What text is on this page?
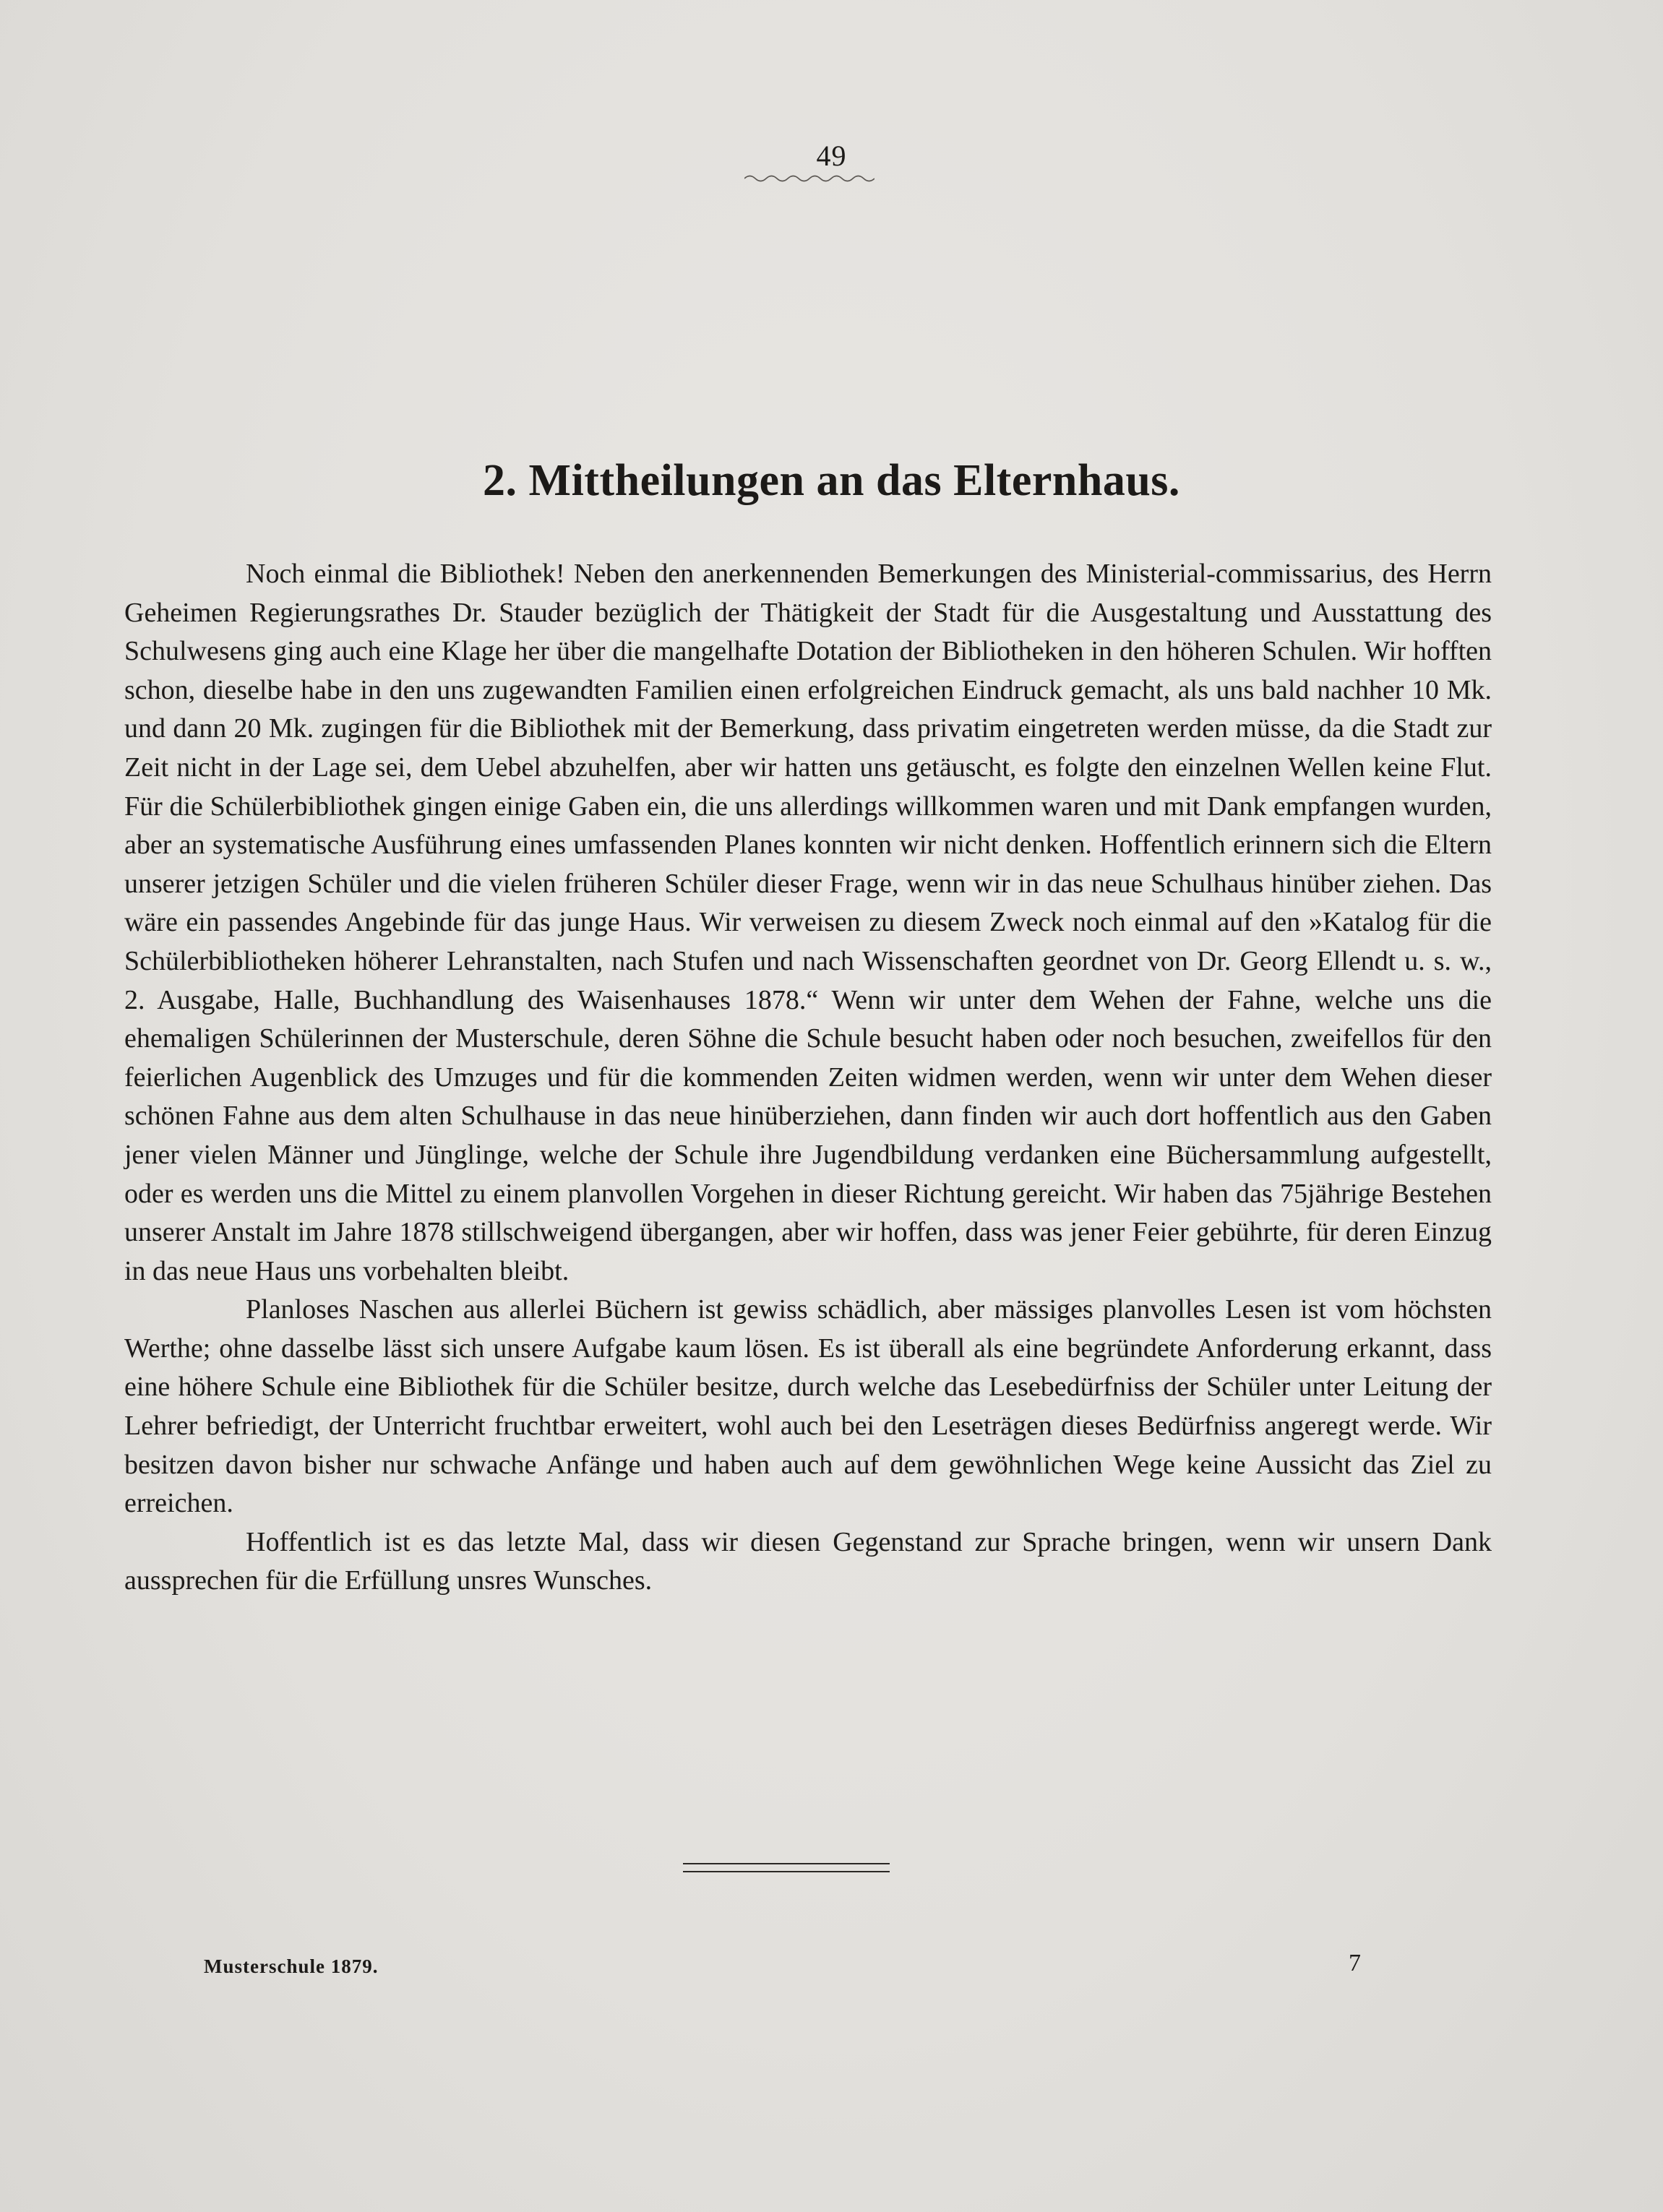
49
2. Mittheilungen an das Elternhaus.

Noch einmal die Bibliothek! Neben den anerkennenden Bemerkungen des Ministerial-commissarius, des Herrn Geheimen Regierungsrathes Dr. Stauder bezüglich der Thätigkeit der Stadt für die Ausgestaltung und Ausstattung des Schulwesens ging auch eine Klage her über die mangelhafte Dotation der Bibliotheken in den höheren Schulen. Wir hofften schon, dieselbe habe in den uns zugewandten Familien einen erfolgreichen Eindruck gemacht, als uns bald nachher 10 Mk. und dann 20 Mk. zugingen für die Bibliothek mit der Bemerkung, dass privatim eingetreten werden müsse, da die Stadt zur Zeit nicht in der Lage sei, dem Uebel abzuhelfen, aber wir hatten uns getäuscht, es folgte den einzelnen Wellen keine Flut. Für die Schülerbibliothek gingen einige Gaben ein, die uns allerdings willkommen waren und mit Dank empfangen wurden, aber an systematische Ausführung eines umfassenden Planes konnten wir nicht denken. Hoffentlich erinnern sich die Eltern unserer jetzigen Schüler und die vielen früheren Schüler dieser Frage, wenn wir in das neue Schulhaus hinüber ziehen. Das wäre ein passendes Angebinde für das junge Haus. Wir verweisen zu diesem Zweck noch einmal auf den »Katalog für die Schülerbibliotheken höherer Lehranstalten, nach Stufen und nach Wissenschaften geordnet von Dr. Georg Ellendt u. s. w., 2. Ausgabe, Halle, Buchhandlung des Waisenhauses 1878.“ Wenn wir unter dem Wehen der Fahne, welche uns die ehemaligen Schülerinnen der Musterschule, deren Söhne die Schule besucht haben oder noch besuchen, zweifellos für den feierlichen Augenblick des Umzuges und für die kommenden Zeiten widmen werden, wenn wir unter dem Wehen dieser schönen Fahne aus dem alten Schulhause in das neue hinüberziehen, dann finden wir auch dort hoffentlich aus den Gaben jener vielen Männer und Jünglinge, welche der Schule ihre Jugendbildung verdanken eine Büchersammlung aufgestellt, oder es werden uns die Mittel zu einem planvollen Vorgehen in dieser Richtung gereicht. Wir haben das 75jährige Bestehen unserer Anstalt im Jahre 1878 stillschweigend übergangen, aber wir hoffen, dass was jener Feier gebührte, für deren Einzug in das neue Haus uns vorbehalten bleibt.

Planloses Naschen aus allerlei Büchern ist gewiss schädlich, aber mässiges planvolles Lesen ist vom höchsten Werthe; ohne dasselbe lässt sich unsere Aufgabe kaum lösen. Es ist überall als eine begründete Anforderung erkannt, dass eine höhere Schule eine Bibliothek für die Schüler besitze, durch welche das Lesebedürfniss der Schüler unter Leitung der Lehrer befriedigt, der Unterricht fruchtbar erweitert, wohl auch bei den Leseträgen dieses Bedürfniss angeregt werde. Wir besitzen davon bisher nur schwache Anfänge und haben auch auf dem gewöhnlichen Wege keine Aussicht das Ziel zu erreichen.

Hoffentlich ist es das letzte Mal, dass wir diesen Gegenstand zur Sprache bringen, wenn wir unsern Dank aussprechen für die Erfüllung unsres Wunsches.

Musterschule 1879.	7
